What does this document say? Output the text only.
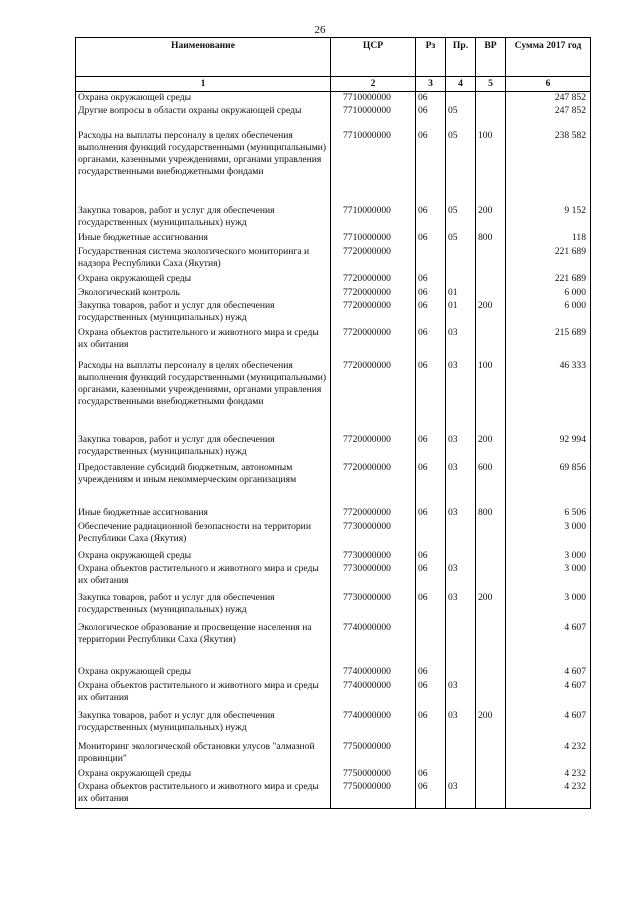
26
Наименование	ЦСР	Рз	Пр.	ВР	Сумма 2017 год
1	2	3	4	5	6
Охрана окружающей среды	7710000000	06			247 852
Другие вопросы в области охраны окружающей среды	7710000000	06	05		247 852
Расходы на выплаты персоналу в целях обеспечения выполнения функций государственными (муниципальными) органами, казенными учреждениями, органами управления государственными внебюджетными фондами	7710000000	06	05	100	238 582
Закупка товаров, работ и услуг для обеспечения государственных (муниципальных) нужд	7710000000	06	05	200	9 152
Иные бюджетные ассигнования	7710000000	06	05	800	118
Государственная система экологического мониторинга и надзора Республики Саха (Якутия)	7720000000				221 689
Охрана окружающей среды	7720000000	06			221 689
Экологический контроль	7720000000	06	01		6 000
Закупка товаров, работ и услуг для обеспечения государственных (муниципальных) нужд	7720000000	06	01	200	6 000
Охрана объектов растительного и животного мира и среды их обитания	7720000000	06	03		215 689
Расходы на выплаты персоналу в целях обеспечения выполнения функций государственными (муниципальными) органами, казенными учреждениями, органами управления государственными внебюджетными фондами	7720000000	06	03	100	46 333
Закупка товаров, работ и услуг для обеспечения государственных (муниципальных) нужд	7720000000	06	03	200	92 994
Предоставление субсидий бюджетным, автономным учреждениям и иным некоммерческим организациям	7720000000	06	03	600	69 856
Иные бюджетные ассигнования	7720000000	06	03	800	6 506
Обеспечение радиационной безопасности на территории Республики Саха (Якутия)	7730000000				3 000
Охрана окружающей среды	7730000000	06			3 000
Охрана объектов растительного и животного мира и среды их обитания	7730000000	06	03		3 000
Закупка товаров, работ и услуг для обеспечения государственных (муниципальных) нужд	7730000000	06	03	200	3 000
Экологическое образование и просвещение населения на территории Республики Саха (Якутия)	7740000000				4 607
Охрана окружающей среды	7740000000	06			4 607
Охрана объектов растительного и животного мира и среды их обитания	7740000000	06	03		4 607
Закупка товаров, работ и услуг для обеспечения государственных (муниципальных) нужд	7740000000	06	03	200	4 607
Мониторинг экологической обстановки улусов "алмазной провинции"	7750000000				4 232
Охрана окружающей среды	7750000000	06			4 232
Охрана объектов растительного и животного мира и среды их обитания	7750000000	06	03		4 232
